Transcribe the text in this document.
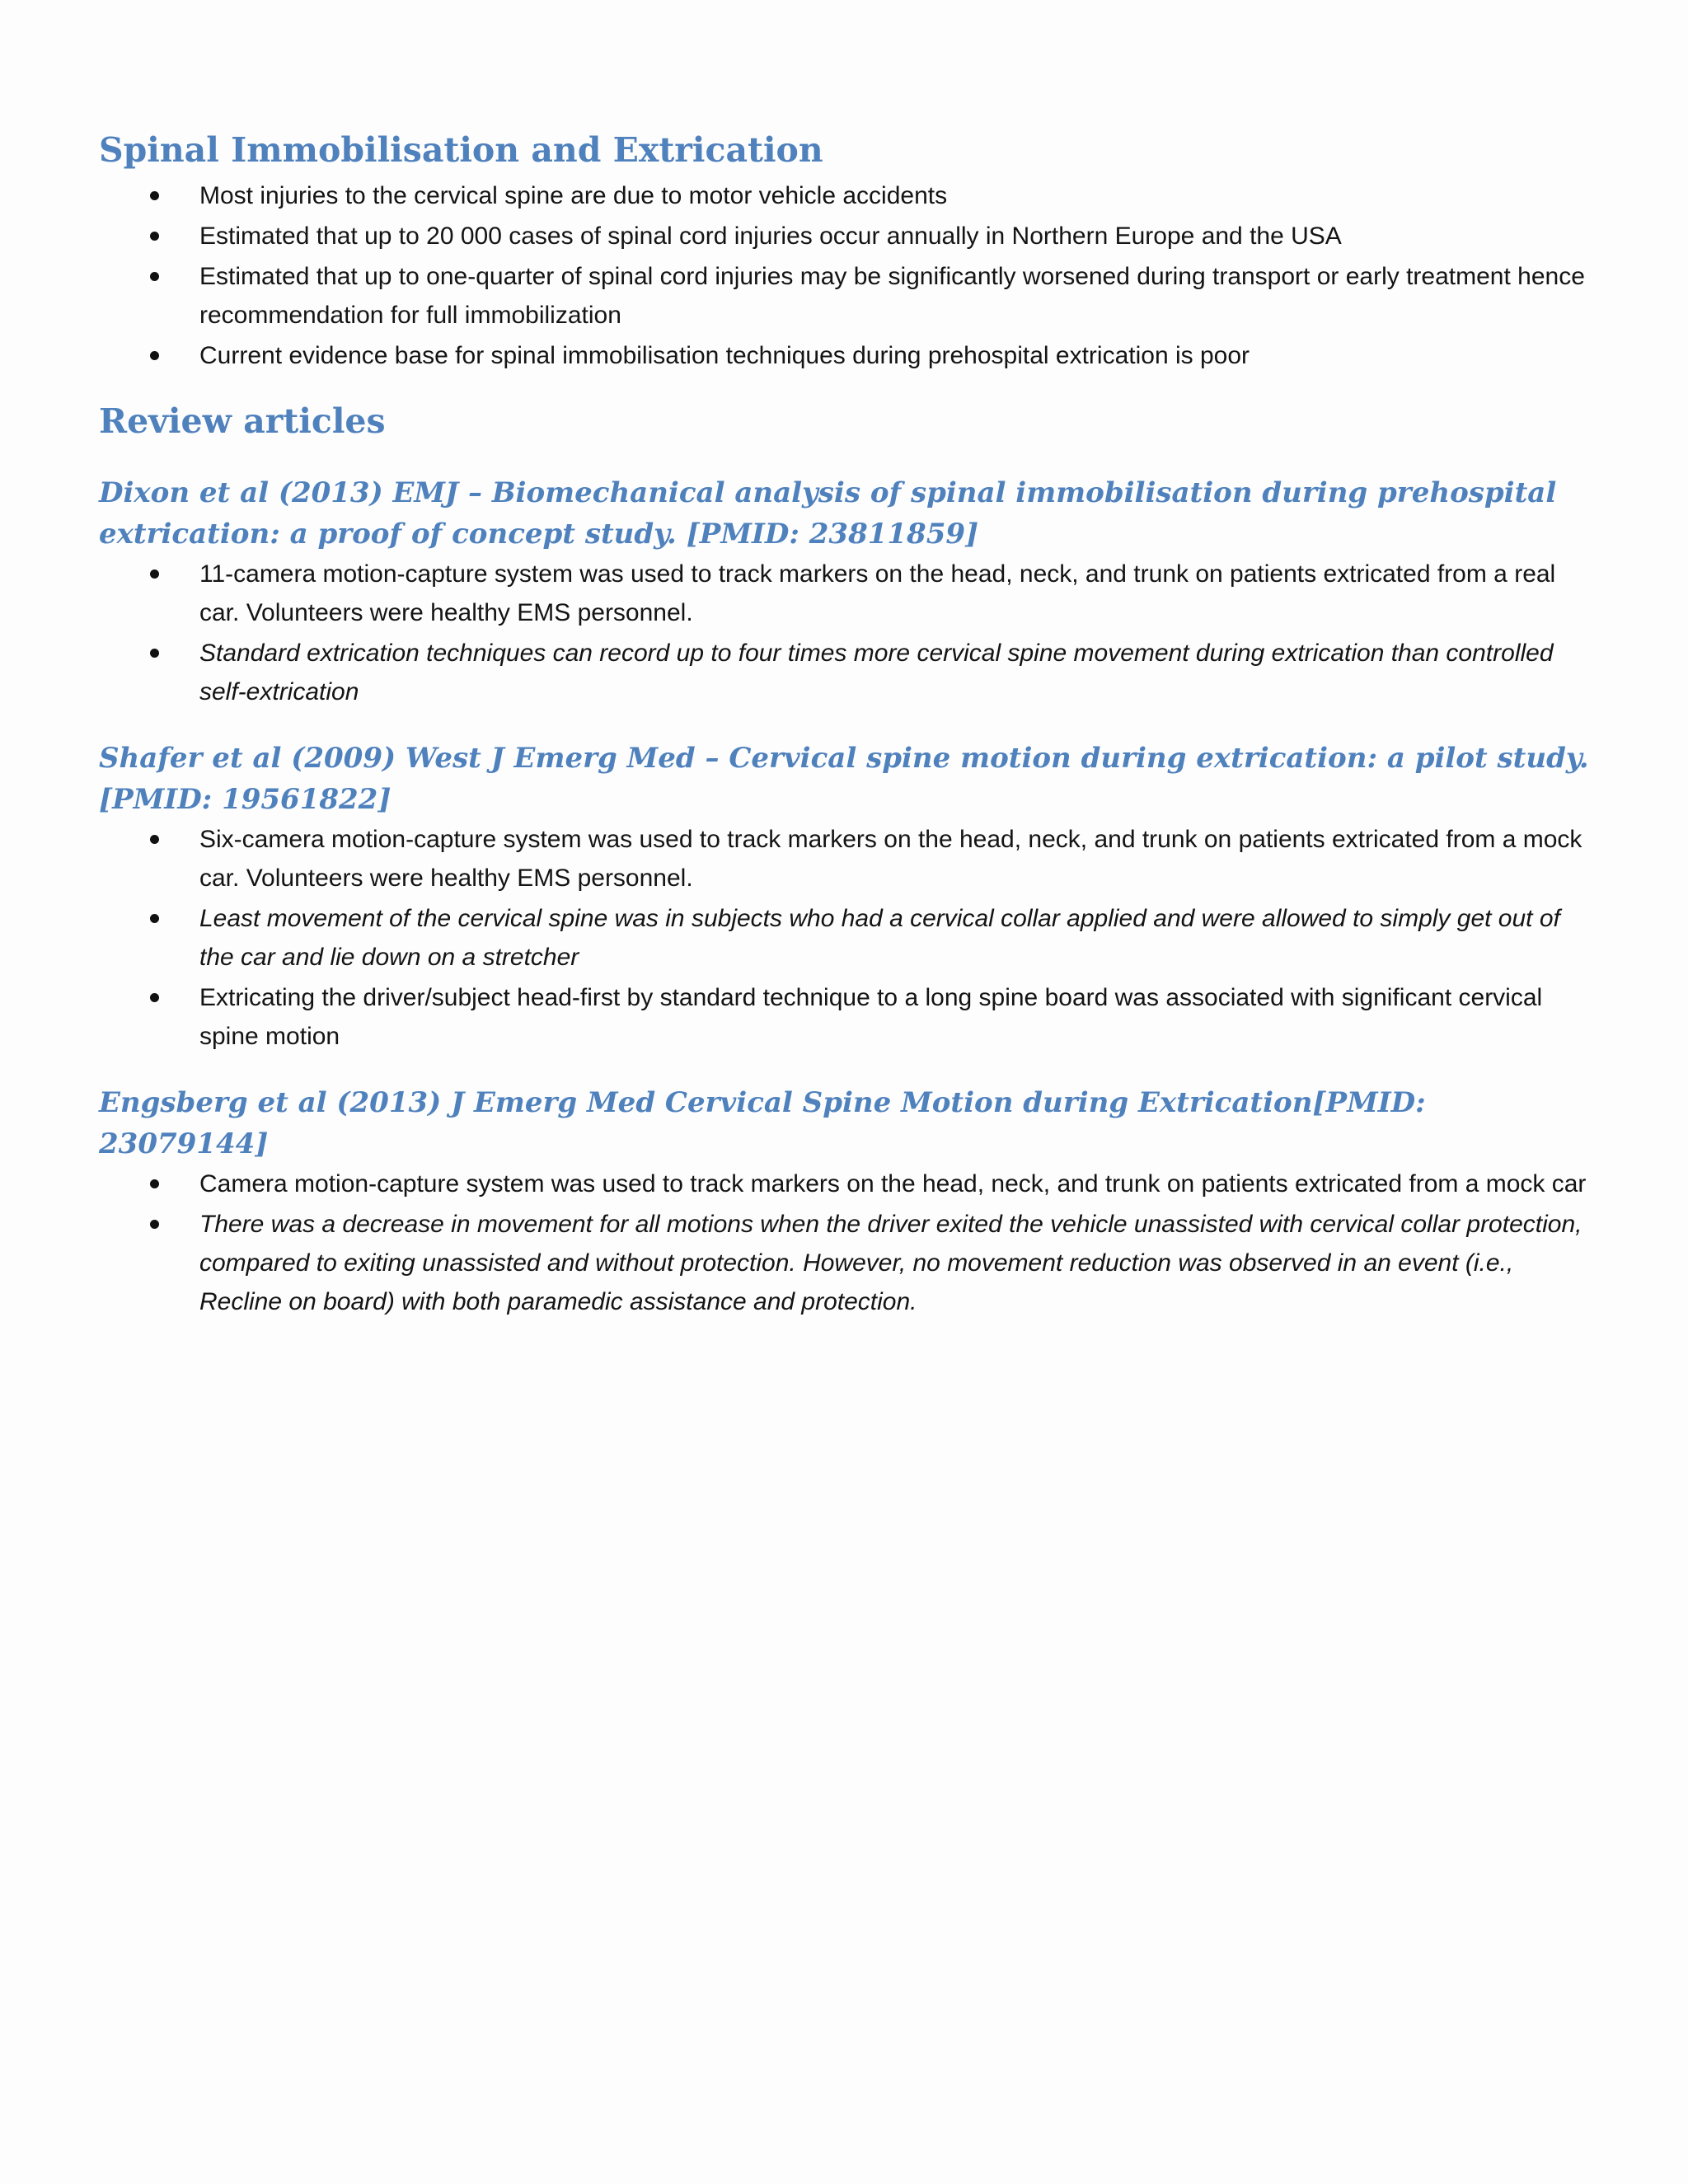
Spinal Immobilisation and Extrication
Most injuries to the cervical spine are due to motor vehicle accidents
Estimated that up to 20 000 cases of spinal cord injuries occur annually in Northern Europe and the USA
Estimated that up to one-quarter of spinal cord injuries may be significantly worsened during transport or early treatment hence recommendation for full immobilization
Current evidence base for spinal immobilisation techniques during prehospital extrication is poor
Review articles
Dixon et al (2013) EMJ – Biomechanical analysis of spinal immobilisation during prehospital extrication: a proof of concept study. [PMID: 23811859]
11-camera motion-capture system was used to track markers on the head, neck, and trunk on patients extricated from a real car. Volunteers were healthy EMS personnel.
Standard extrication techniques can record up to four times more cervical spine movement during extrication than controlled self-extrication
Shafer et al (2009) West J Emerg Med – Cervical spine motion during extrication: a pilot study. [PMID: 19561822]
Six-camera motion-capture system was used to track markers on the head, neck, and trunk on patients extricated from a mock car. Volunteers were healthy EMS personnel.
Least movement of the cervical spine was in subjects who had a cervical collar applied and were allowed to simply get out of the car and lie down on a stretcher
Extricating the driver/subject head-first by standard technique to a long spine board was associated with significant cervical spine motion
Engsberg et al (2013) J Emerg Med Cervical Spine Motion during Extrication[PMID: 23079144]
Camera motion-capture system was used to track markers on the head, neck, and trunk on patients extricated from a mock car
There was a decrease in movement for all motions when the driver exited the vehicle unassisted with cervical collar protection, compared to exiting unassisted and without protection. However, no movement reduction was observed in an event (i.e., Recline on board) with both paramedic assistance and protection.
